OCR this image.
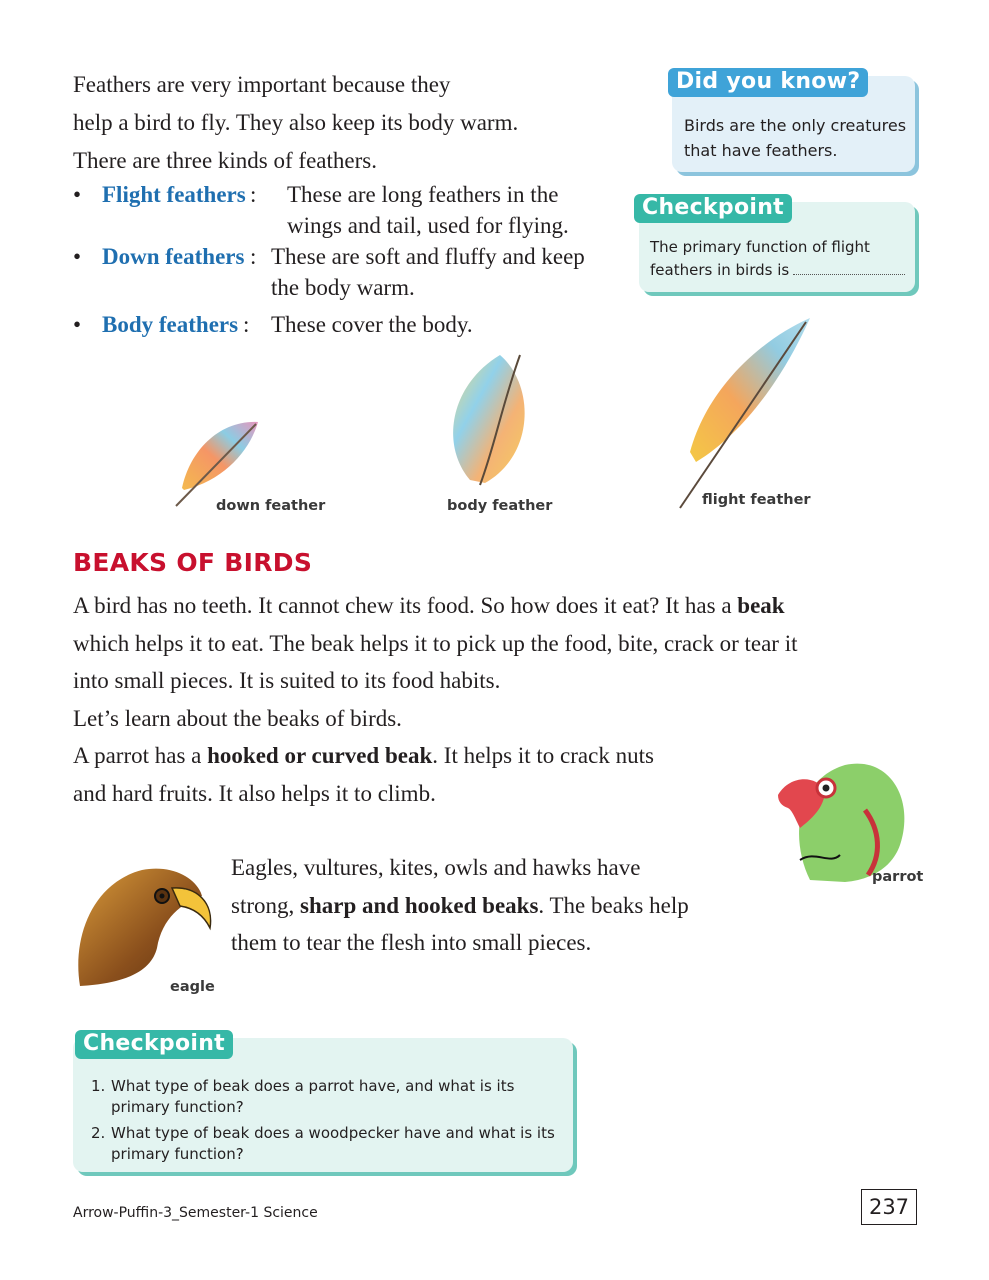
Feathers are very important because they

help a bird to fly. They also keep its body warm.

There are three kinds of feathers.

• Flight feathers : These are long feathers in the
wings and tail, used for flying.
• Down feathers : These are soft and fluffy and keep
the body warm.
• Body feathers : These cover the body.
Did you know?
Birds are the only creatures
that have feathers.
Checkpoint
The primary function of flight
feathers in birds is
down feather	body feather	flight feather
BEAKS OF BIRDS
A bird has no teeth. It cannot chew its food. So how does it eat? It has a beak
which helps it to eat. The beak helps it to pick up the food, bite, crack or tear it
into small pieces. It is suited to its food habits.
Let’s learn about the beaks of birds.
A parrot has a hooked or curved beak. It helps it to crack nuts
and hard fruits. It also helps it to climb.
parrot
eagle
Eagles, vultures, kites, owls and hawks have
strong, sharp and hooked beaks. The beaks help
them to tear the flesh into small pieces.
Checkpoint
1. What type of beak does a parrot have, and what is its primary function?
2. What type of beak does a woodpecker have and what is its primary function?
Arrow-Puffin-3_Semester-1 Science	237
